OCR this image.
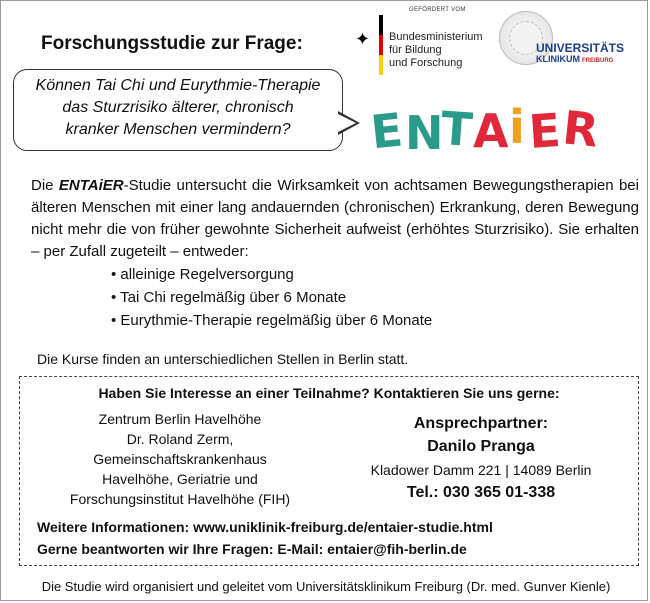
Forschungsstudie zur Frage:
Können Tai Chi und Eurythmie-Therapie
das Sturzrisiko älterer, chronisch
kranker Menschen vermindern?
GEFÖRDERT VOM
✦ Bundesministerium
für Bildung
und Forschung
UNIVERSITÄTS
KLINIKUM FREIBURG
E N
T
A i E
R
Die ENTAiER-Studie untersucht die Wirksamkeit von achtsamen Bewegungstherapien bei älteren Menschen mit einer lang andauernden (chronischen) Erkrankung, deren Bewegung nicht mehr die von früher gewohnte Sicherheit aufweist (erhöhtes Sturzrisiko). Sie erhalten – per Zufall zugeteilt – entweder:
• alleinige Regelversorgung
• Tai Chi regelmäßig über 6 Monate
• Eurythmie-Therapie regelmäßig über 6 Monate
Die Kurse finden an unterschiedlichen Stellen in Berlin statt.
Haben Sie Interesse an einer Teilnahme? Kontaktieren Sie uns gerne:
Zentrum Berlin Havelhöhe
Dr. Roland Zerm,
Gemeinschaftskrankenhaus
Havelhöhe, Geriatrie und
Forschungsinstitut Havelhöhe (FIH)
Ansprechpartner:
Danilo Pranga
Kladower Damm 221 | 14089 Berlin
Tel.: 030 365 01-338
Weitere Informationen: www.uniklinik-freiburg.de/entaier-studie.html
Gerne beantworten wir Ihre Fragen: E-Mail: entaier@fih-berlin.de
Die Studie wird organisiert und geleitet vom Universitätsklinikum Freiburg (Dr. med. Gunver Kienle)
